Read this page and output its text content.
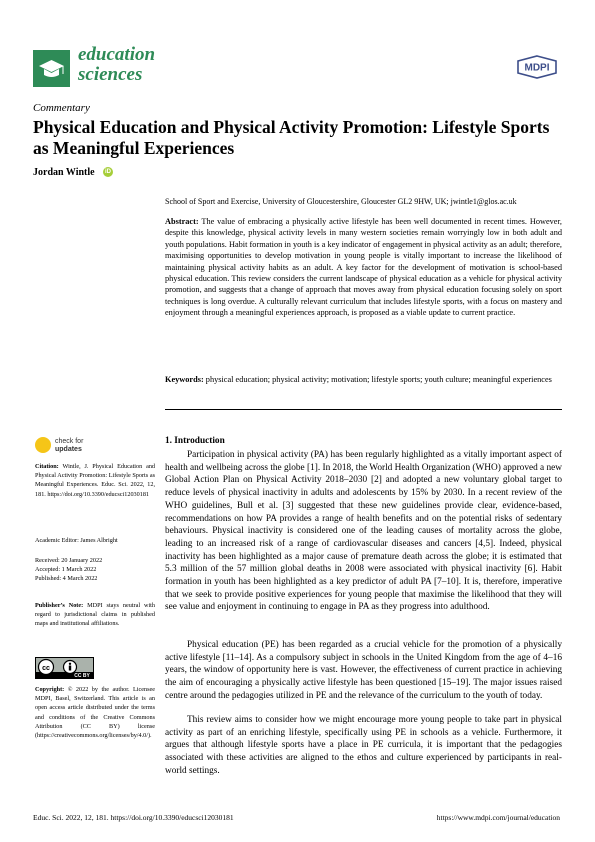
education
sciences	MDPI
Commentary
Physical Education and Physical Activity Promotion: Lifestyle Sports as Meaningful Experiences
Jordan Wintle	iD
School of Sport and Exercise, University of Gloucestershire, Gloucester GL2 9HW, UK; jwintle1@glos.ac.uk
Abstract: The value of embracing a physically active lifestyle has been well documented in recent times. However, despite this knowledge, physical activity levels in many western societies remain worryingly low in both adult and youth populations. Habit formation in youth is a key indicator of engagement in physical activity as an adult; therefore, maximising opportunities to develop motivation in young people is vitally important to increase the likelihood of maintaining physical activity habits as an adult. A key factor for the development of motivation is school-based physical education. This review considers the current landscape of physical education as a vehicle for physical activity promotion, and suggests that a change of approach that moves away from physical education focusing solely on sport techniques is long overdue. A culturally relevant curriculum that includes lifestyle sports, with a focus on mastery and enjoyment through a meaningful experiences approach, is proposed as a viable update to current practice.
Keywords: physical education; physical activity; motivation; lifestyle sports; youth culture; meaningful experiences
check for
updates
Citation: Wintle, J. Physical Education and Physical Activity Promotion: Lifestyle Sports as Meaningful Experiences. Educ. Sci. 2022, 12, 181. https://doi.org/10.3390/educsci12030181
Academic Editor: James Albright
Received: 20 January 2022
Accepted: 1 March 2022
Published: 4 March 2022
Publisher’s Note: MDPI stays neutral with regard to jurisdictional claims in published maps and institutional affiliations.
cc
CC BY
Copyright: © 2022 by the author. Licensee MDPI, Basel, Switzerland. This article is an open access article distributed under the terms and conditions of the Creative Commons Attribution (CC BY) license (https://creativecommons.org/licenses/by/4.0/).
1. Introduction
Participation in physical activity (PA) has been regularly highlighted as a vitally important aspect of health and wellbeing across the globe [1]. In 2018, the World Health Organization (WHO) approved a new Global Action Plan on Physical Activity 2018–2030 [2] and adopted a new voluntary global target to reduce levels of physical inactivity in adults and adolescents by 15% by 2030. In a recent review of the WHO guidelines, Bull et al. [3] suggested that these new guidelines provide clear, evidence-based, recommendations on how PA provides a range of health benefits and on the potential risks of sedentary behaviours. Physical inactivity is considered one of the leading causes of mortality across the globe, leading to an increased risk of a range of cardiovascular diseases and cancers [4,5]. Indeed, physical inactivity has been highlighted as a major cause of premature death across the globe; it is estimated that 5.3 million of the 57 million global deaths in 2008 were associated with physical inactivity [6]. Habit formation in youth has been highlighted as a key predictor of adult PA [7–10]. It is, therefore, imperative that we seek to provide positive experiences for young people that maximise the likelihood that they will see value and enjoyment in continuing to engage in PA as they progress into adulthood.
Physical education (PE) has been regarded as a crucial vehicle for the promotion of a physically active lifestyle [11–14]. As a compulsory subject in schools in the United Kingdom from the age of 4–16 years, the window of opportunity here is vast. However, the effectiveness of current practice in achieving the aim of encouraging a physically active lifestyle has been questioned [15–19]. The major issues raised centre around the pedagogies utilized in PE and the relevance of the curriculum to the youth of today.
This review aims to consider how we might encourage more young people to take part in physical activity as part of an enriching lifestyle, specifically using PE in schools as a vehicle. Furthermore, it argues that although lifestyle sports have a place in PE curricula, it is important that the pedagogies associated with these activities are aligned to the ethos and culture experienced by participants in real-world settings.
Educ. Sci. 2022, 12, 181. https://doi.org/10.3390/educsci12030181	https://www.mdpi.com/journal/education
